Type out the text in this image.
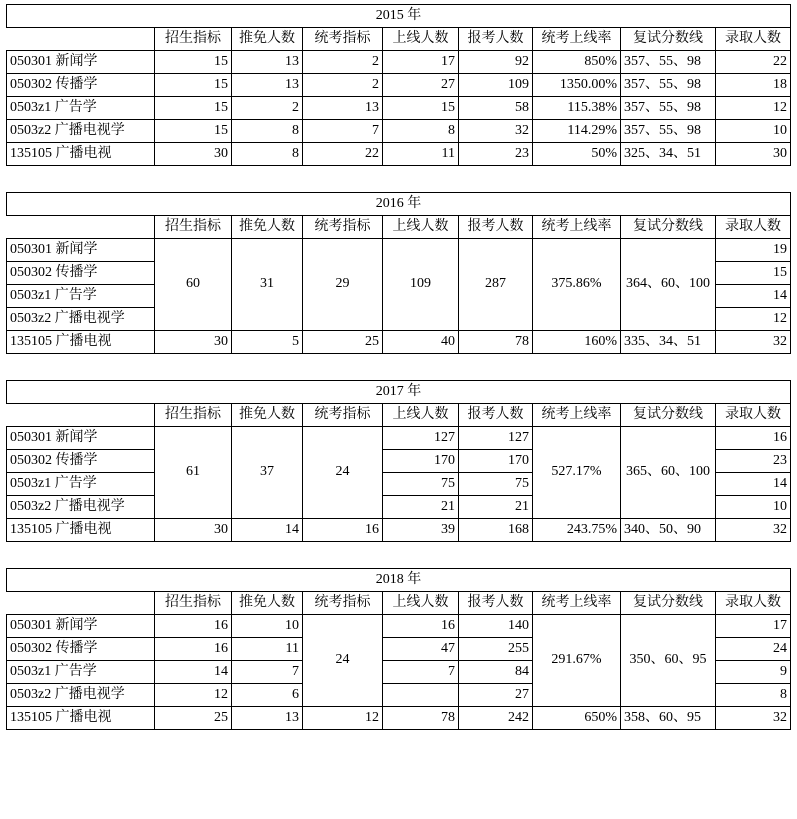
2015 年								
	招生指标	推免人数	统考指标	上线人数	报考人数	统考上线率	复试分数线	录取人数
050301 新闻学	15	13	2	17	92	850%	357、55、98	22
050302 传播学	15	13	2	27	109	1350.00%	357、55、98	18
0503z1 广告学	15	2	13	15	58	115.38%	357、55、98	12
0503z2 广播电视学	15	8	7	8	32	114.29%	357、55、98	10
135105 广播电视	30	8	22	11	23	50%	325、34、51	30
2016 年								
	招生指标	推免人数	统考指标	上线人数	报考人数	统考上线率	复试分数线	录取人数
050301 新闻学	60	31	29	109	287	375.86%	364、60、100	19
050302 传播学								15
0503z1 广告学								14
0503z2 广播电视学								12
135105 广播电视	30	5	25	40	78	160%	335、34、51	32
2017 年								
	招生指标	推免人数	统考指标	上线人数	报考人数	统考上线率	复试分数线	录取人数
050301 新闻学	61	37	24	127	127	527.17%	365、60、100	16
050302 传播学				170	170			23
0503z1 广告学				75	75			14
0503z2 广播电视学				21	21			10
135105 广播电视	30	14	16	39	168	243.75%	340、50、90	32
2018 年								
	招生指标	推免人数	统考指标	上线人数	报考人数	统考上线率	复试分数线	录取人数
050301 新闻学	16	10	24	16	140	291.67%	350、60、95	17
050302 传播学	16	11		47	255			24
0503z1 广告学	14	7		7	84			9
0503z2 广播电视学	12	6			27			8
135105 广播电视	25	13	12	78	242	650%	358、60、95	32
